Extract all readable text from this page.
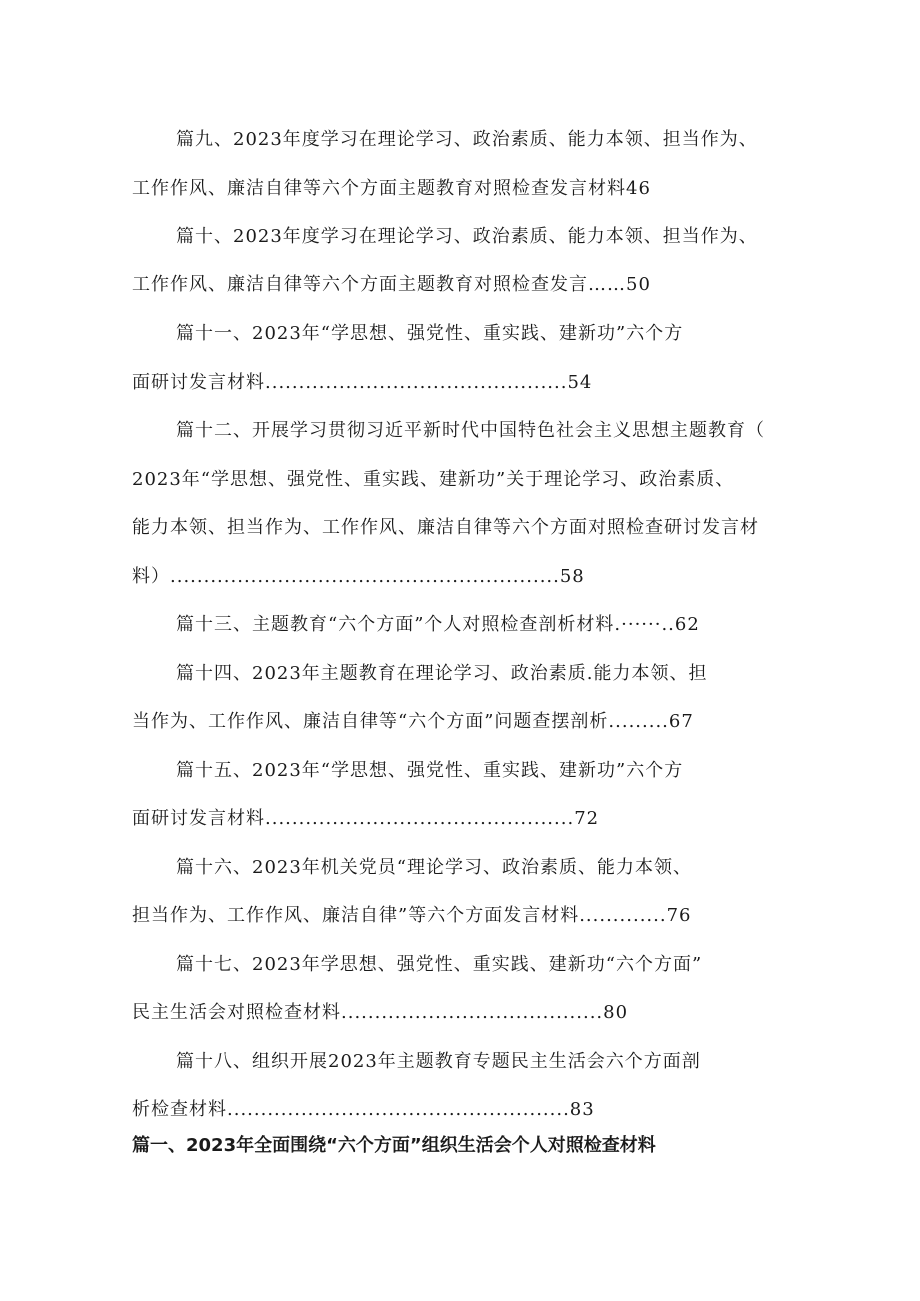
篇九、2023年度学习在理论学习、政治素质、能力本领、担当作为、
工作作风、廉洁自律等六个方面主题教育对照检查发言材料46
篇十、2023年度学习在理论学习、政治素质、能力本领、担当作为、
工作作风、廉洁自律等六个方面主题教育对照检查发言……50
篇十一、2023年“学思想、强党性、重实践、建新功”六个方
面研讨发言材料.............................................54
篇十二、开展学习贯彻习近平新时代中国特色社会主义思想主题教育（
2023年“学思想、强党性、重实践、建新功”关于理论学习、政治素质、
能力本领、担当作为、工作作风、廉洁自律等六个方面对照检查研讨发言材
料）..........................................................58
篇十三、主题教育“六个方面”个人对照检查剖析材料.······..62
篇十四、2023年主题教育在理论学习、政治素质.能力本领、担
当作为、工作作风、廉洁自律等“六个方面”问题查摆剖析.........67
篇十五、2023年“学思想、强党性、重实践、建新功”六个方
面研讨发言材料..............................................72
篇十六、2023年机关党员“理论学习、政治素质、能力本领、
担当作为、工作作风、廉洁自律”等六个方面发言材料.............76
篇十七、2023年学思想、强党性、重实践、建新功“六个方面”
民主生活会对照检查材料.......................................80
篇十八、组织开展2023年主题教育专题民主生活会六个方面剖
析检查材料...................................................83
篇一、2023年全面围绕“六个方面”组织生活会个人对照检查材料
